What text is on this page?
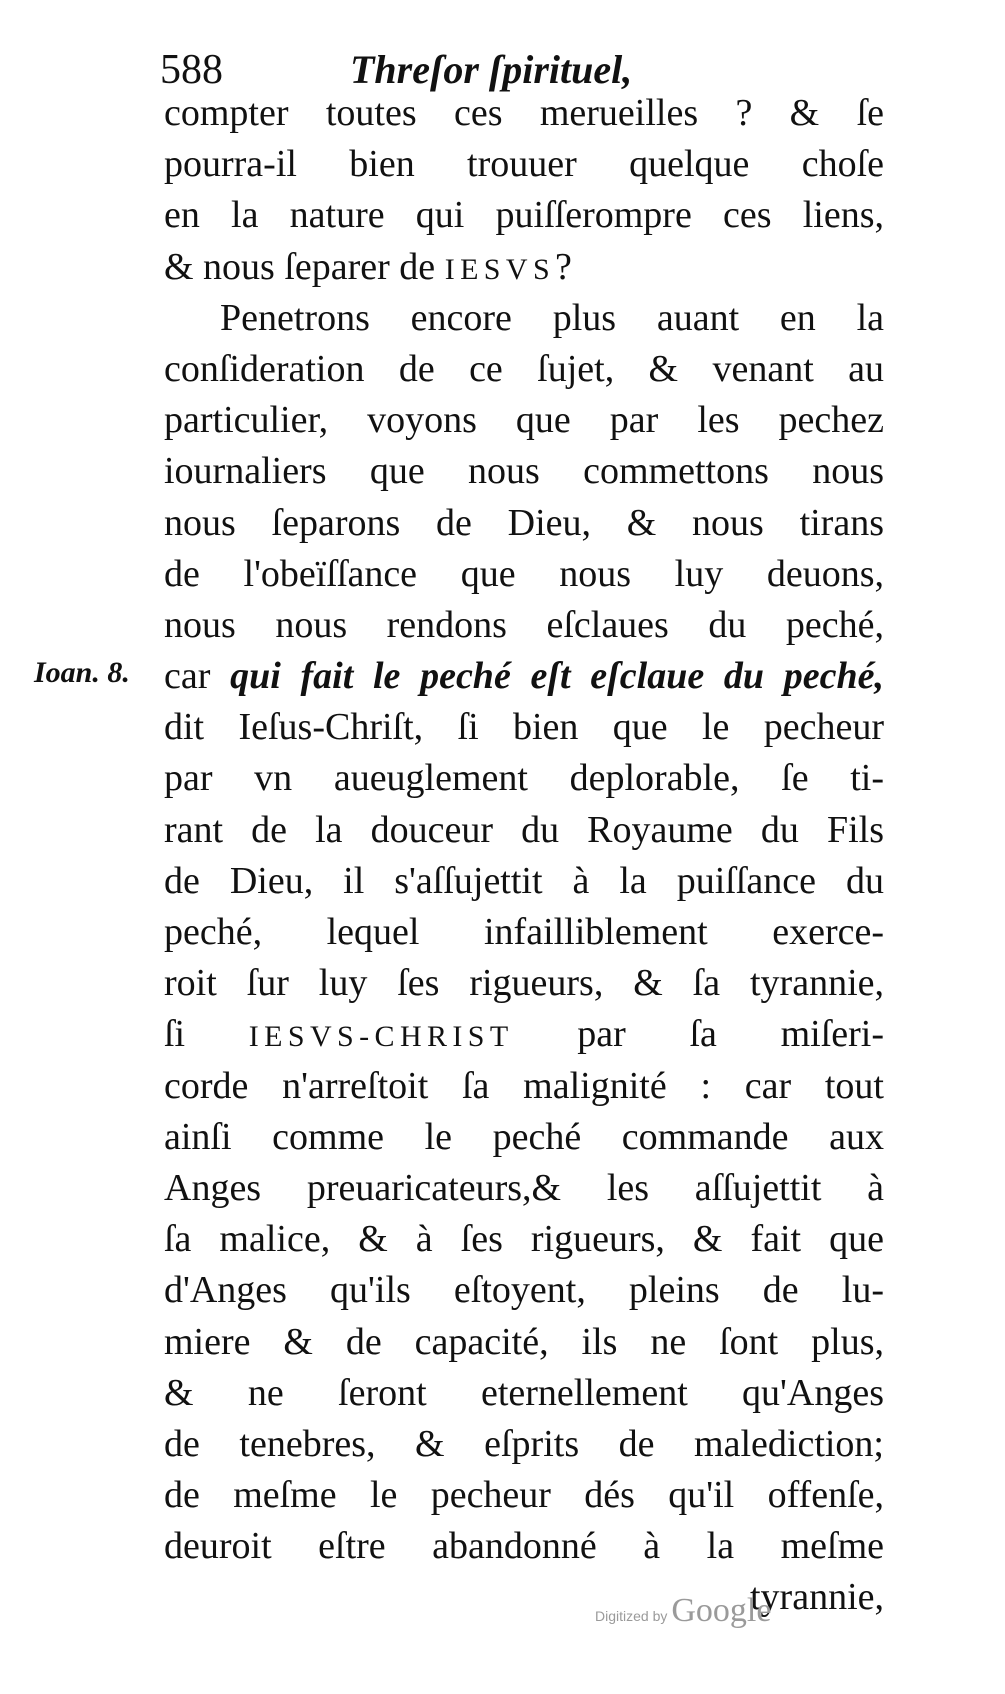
588	Threſor ſpirituel,
Ioan. 8.
compter toutes ces merueilles ? & ſe
pourra-il bien trouuer quelque choſe
en la nature qui puiſſerompre ces liens,
& nous ſeparer de IESVS?
Penetrons encore plus auant en la
conſideration de ce ſujet, & venant au
particulier, voyons que par les pechez
iournaliers que nous commettons nous
nous ſeparons de Dieu, & nous tirans
de l'obeïſſance que nous luy deuons,
nous nous rendons eſclaues du peché,
car qui fait le peché eſt eſclaue du peché,
dit Ieſus-Chriſt, ſi bien que le pecheur
par vn aueuglement deplorable, ſe ti-
rant de la douceur du Royaume du Fils
de Dieu, il s'aſſujettit à la puiſſance du
peché, lequel infailliblement exerce-
roit ſur luy ſes rigueurs, & ſa tyrannie,
ſi IESVS-CHRIST par ſa miſeri-
corde n'arreſtoit ſa malignité : car tout
ainſi comme le peché commande aux
Anges preuaricateurs,& les aſſujettit à
ſa malice, & à ſes rigueurs, & fait que
d'Anges qu'ils eſtoyent, pleins de lu-
miere & de capacité, ils ne ſont plus,
& ne ſeront eternellement qu'Anges
de tenebres, & eſprits de malediction;
de meſme le pecheur dés qu'il offenſe,
deuroit eſtre abandonné à la meſme
tyrannie,
Digitized by Google
